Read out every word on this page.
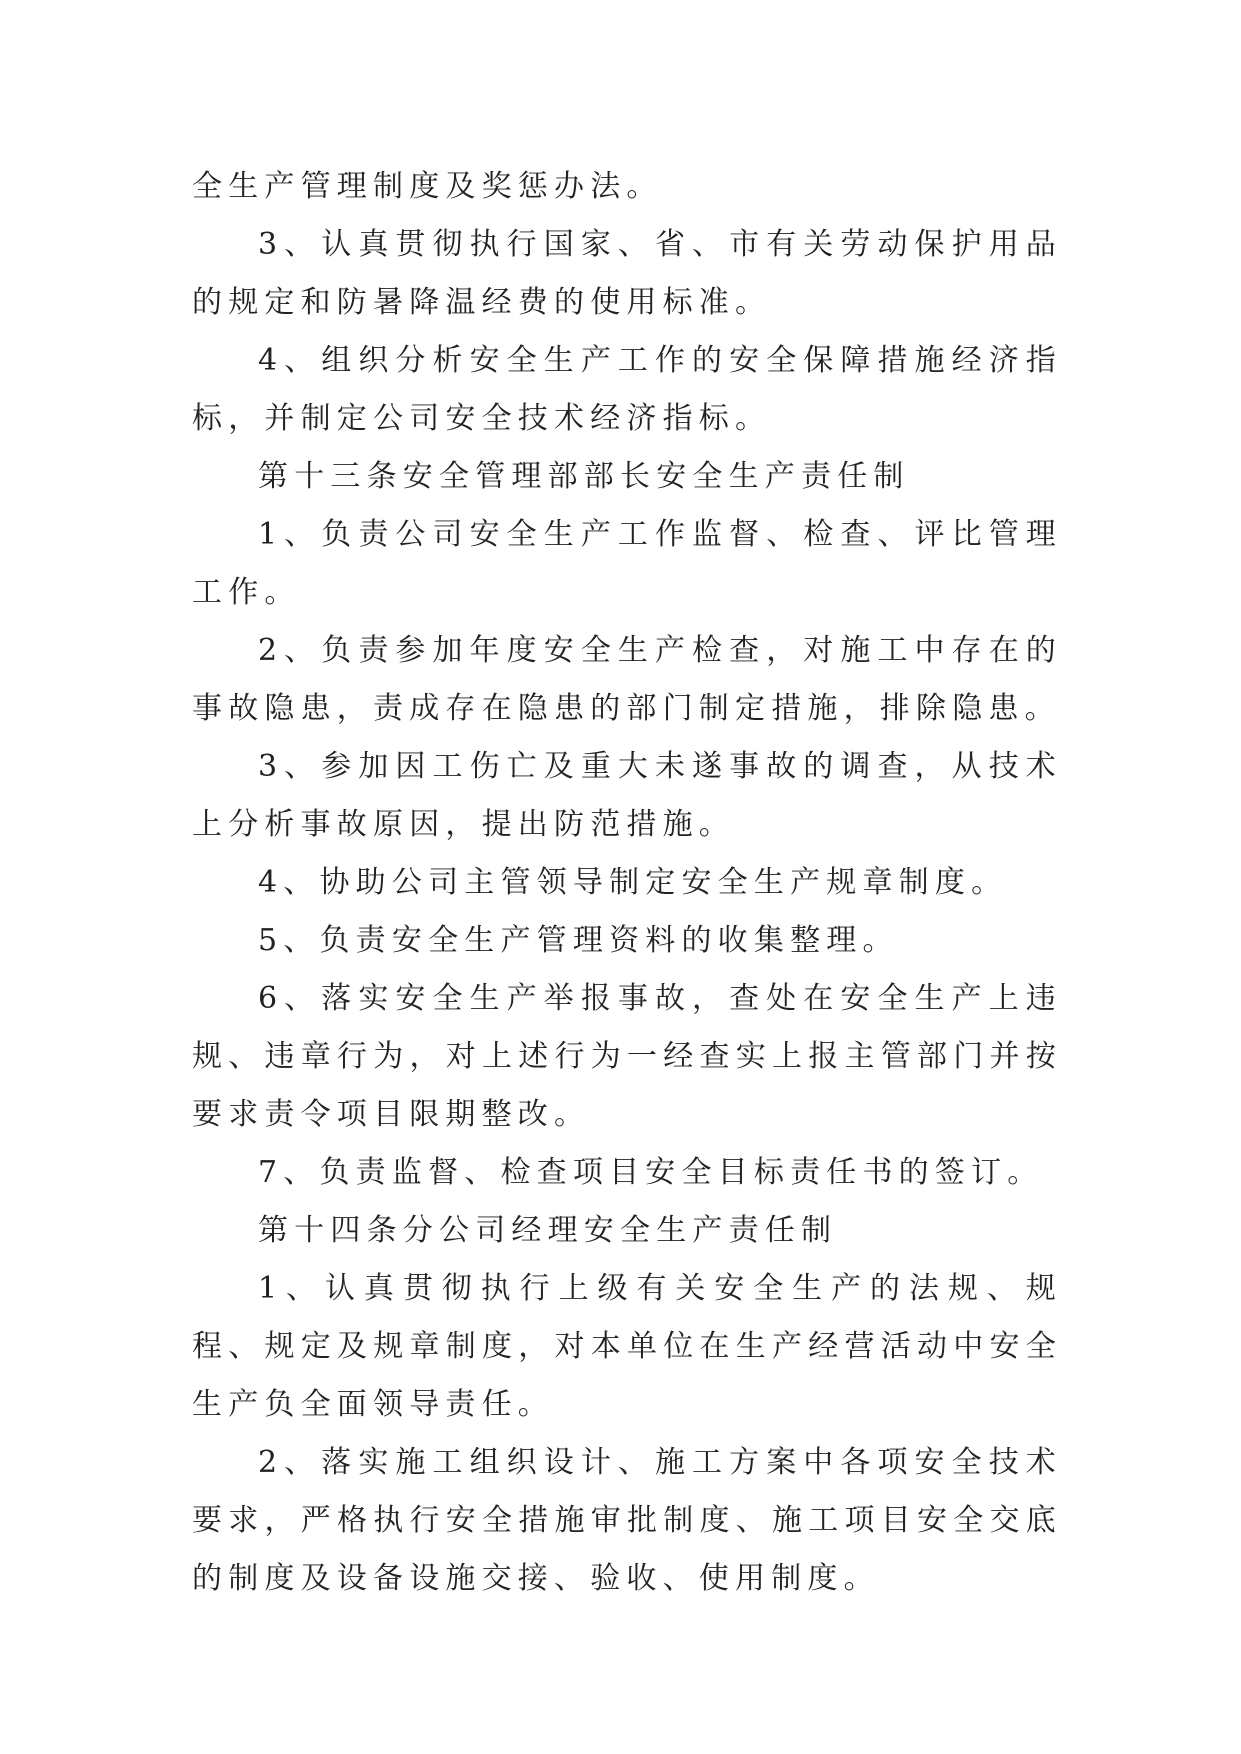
全生产管理制度及奖惩办法。

3、认真贯彻执行国家、省、市有关劳动保护用品的规定和防暑降温经费的使用标准。

4、组织分析安全生产工作的安全保障措施经济指标，并制定公司安全技术经济指标。

第十三条安全管理部部长安全生产责任制

1、负责公司安全生产工作监督、检查、评比管理工作。

2、负责参加年度安全生产检查，对施工中存在的事故隐患，责成存在隐患的部门制定措施，排除隐患。

3、参加因工伤亡及重大未遂事故的调查，从技术上分析事故原因，提出防范措施。

4、协助公司主管领导制定安全生产规章制度。

5、负责安全生产管理资料的收集整理。

6、落实安全生产举报事故，查处在安全生产上违规、违章行为，对上述行为一经查实上报主管部门并按要求责令项目限期整改。

7、负责监督、检查项目安全目标责任书的签订。

第十四条分公司经理安全生产责任制

1、认真贯彻执行上级有关安全生产的法规、规程、规定及规章制度，对本单位在生产经营活动中安全生产负全面领导责任。

2、落实施工组织设计、施工方案中各项安全技术要求，严格执行安全措施审批制度、施工项目安全交底的制度及设备设施交接、验收、使用制度。
